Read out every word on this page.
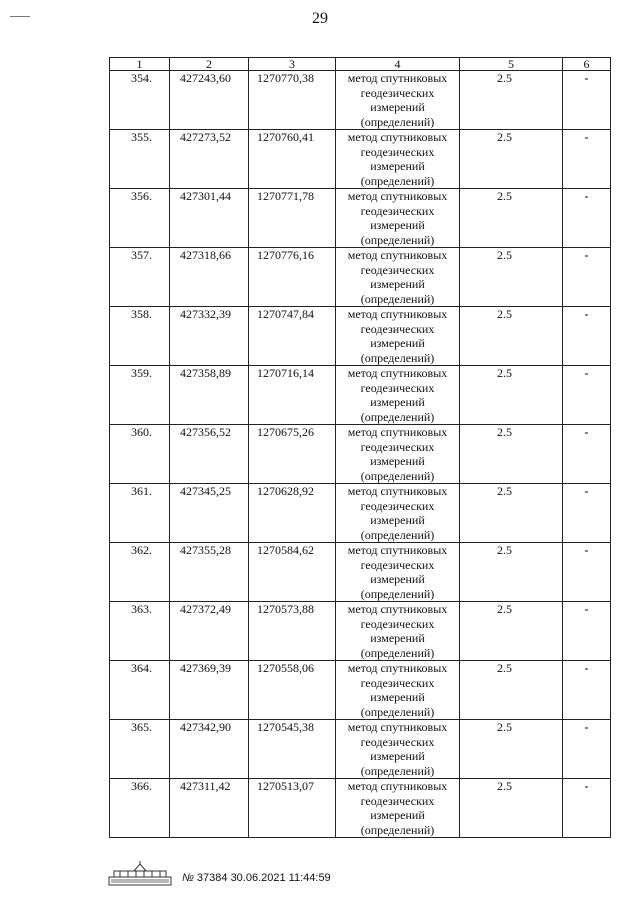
29
1	2	3	4	5	6
354.	427243,60	1270770,38	метод спутниковых геодезических измерений (определений)	2.5	-
355.	427273,52	1270760,41	метод спутниковых геодезических измерений (определений)	2.5	-
356.	427301,44	1270771,78	метод спутниковых геодезических измерений (определений)	2.5	-
357.	427318,66	1270776,16	метод спутниковых геодезических измерений (определений)	2.5	-
358.	427332,39	1270747,84	метод спутниковых геодезических измерений (определений)	2.5	-
359.	427358,89	1270716,14	метод спутниковых геодезических измерений (определений)	2.5	-
360.	427356,52	1270675,26	метод спутниковых геодезических измерений (определений)	2.5	-
361.	427345,25	1270628,92	метод спутниковых геодезических измерений (определений)	2.5	-
362.	427355,28	1270584,62	метод спутниковых геодезических измерений (определений)	2.5	-
363.	427372,49	1270573,88	метод спутниковых геодезических измерений (определений)	2.5	-
364.	427369,39	1270558,06	метод спутниковых геодезических измерений (определений)	2.5	-
365.	427342,90	1270545,38	метод спутниковых геодезических измерений (определений)	2.5	-
366.	427311,42	1270513,07	метод спутниковых геодезических измерений (определений)	2.5	-
№ 37384 30.06.2021 11:44:59
